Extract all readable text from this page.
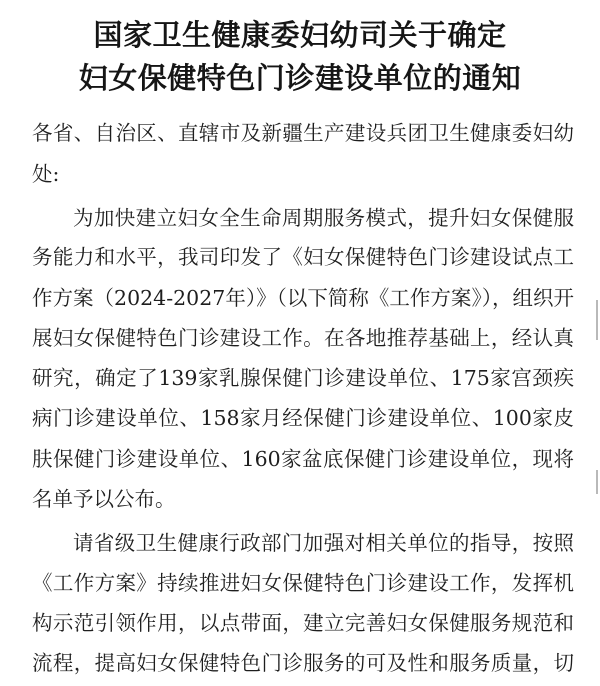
国家卫生健康委妇幼司关于确定
妇女保健特色门诊建设单位的通知
各省、自治区、直辖市及新疆生产建设兵团卫生健康委妇幼
处:
为加快建立妇女全生命周期服务模式，提升妇女保健服
务能力和水平，我司印发了《妇女保健特色门诊建设试点工
作方案（2024-2027年）》（以下简称《工作方案》），组织开
展妇女保健特色门诊建设工作。在各地推荐基础上，经认真
研究，确定了139家乳腺保健门诊建设单位、175家宫颈疾
病门诊建设单位、158家月经保健门诊建设单位、100家皮
肤保健门诊建设单位、160家盆底保健门诊建设单位，现将
名单予以公布。
请省级卫生健康行政部门加强对相关单位的指导，按照
《工作方案》持续推进妇女保健特色门诊建设工作，发挥机
构示范引领作用，以点带面，建立完善妇女保健服务规范和
流程，提高妇女保健特色门诊服务的可及性和服务质量，切
